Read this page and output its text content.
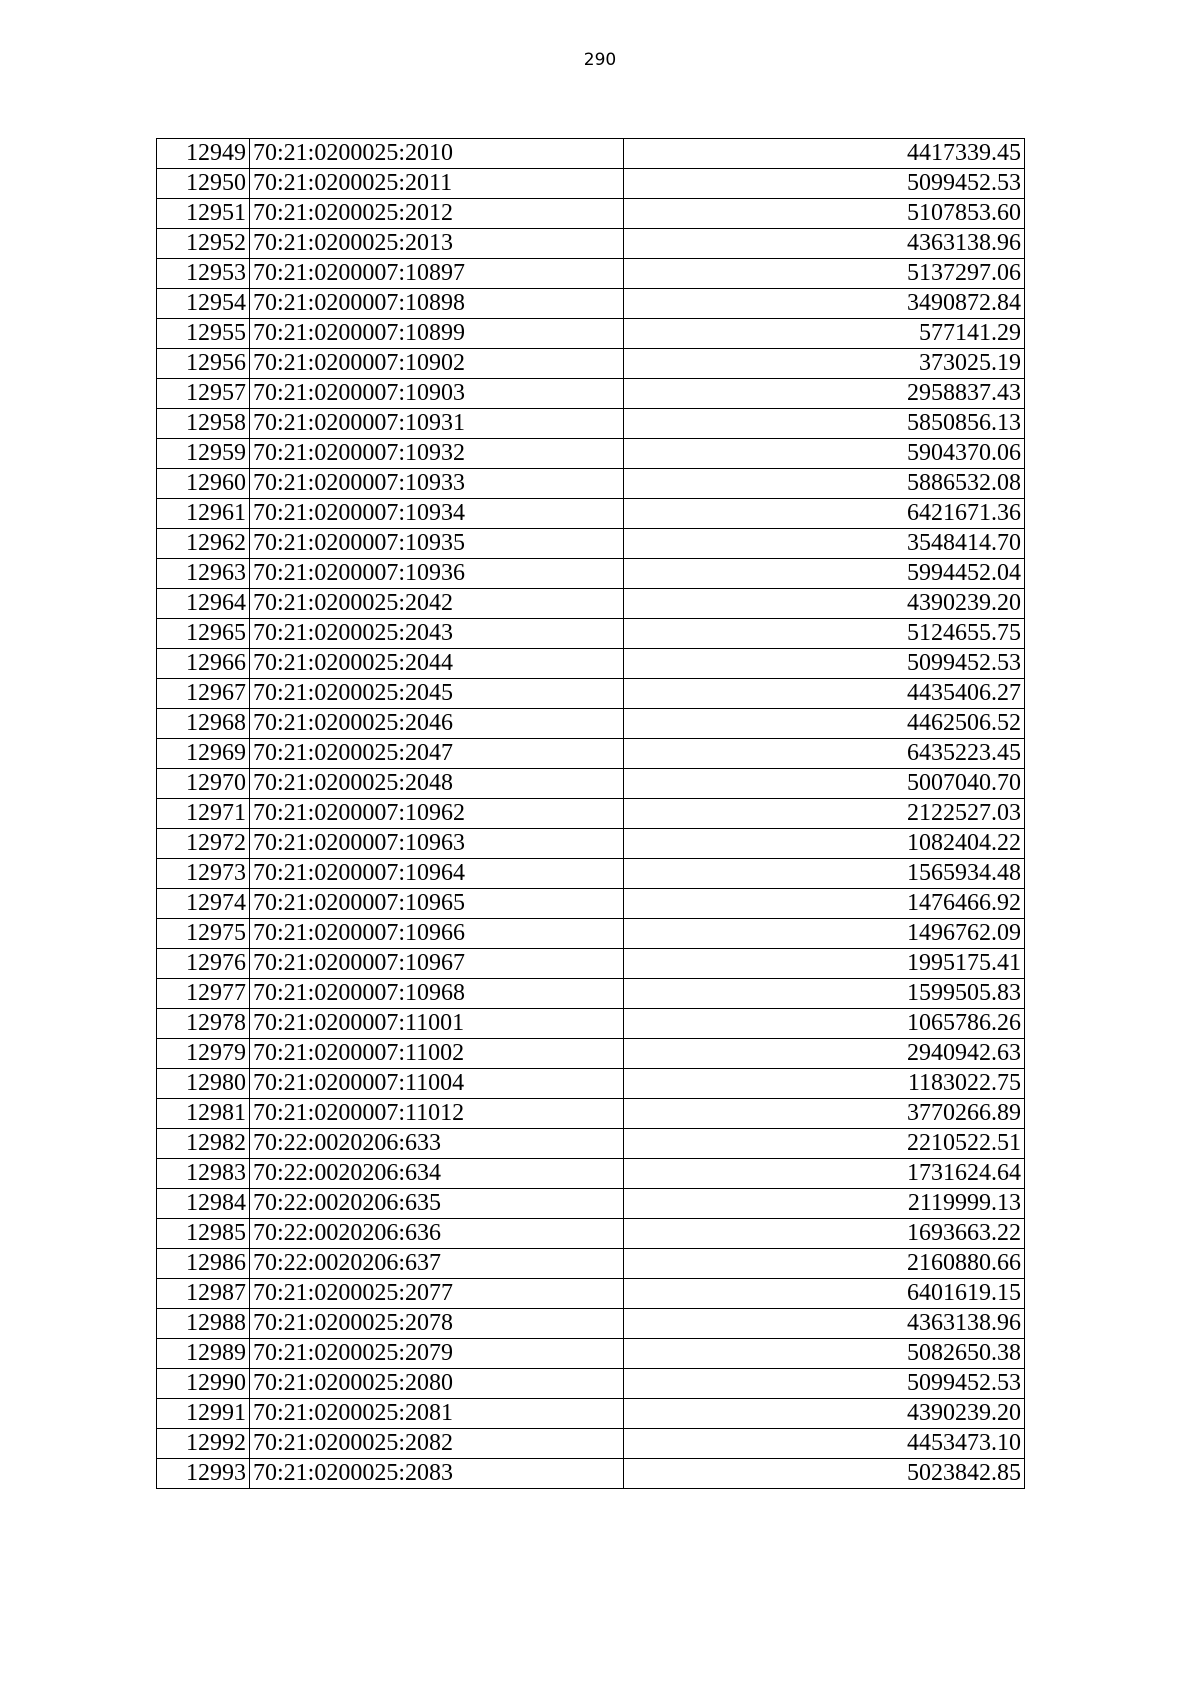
290
12949	70:21:0200025:2010	4417339.45
12950	70:21:0200025:2011	5099452.53
12951	70:21:0200025:2012	5107853.60
12952	70:21:0200025:2013	4363138.96
12953	70:21:0200007:10897	5137297.06
12954	70:21:0200007:10898	3490872.84
12955	70:21:0200007:10899	577141.29
12956	70:21:0200007:10902	373025.19
12957	70:21:0200007:10903	2958837.43
12958	70:21:0200007:10931	5850856.13
12959	70:21:0200007:10932	5904370.06
12960	70:21:0200007:10933	5886532.08
12961	70:21:0200007:10934	6421671.36
12962	70:21:0200007:10935	3548414.70
12963	70:21:0200007:10936	5994452.04
12964	70:21:0200025:2042	4390239.20
12965	70:21:0200025:2043	5124655.75
12966	70:21:0200025:2044	5099452.53
12967	70:21:0200025:2045	4435406.27
12968	70:21:0200025:2046	4462506.52
12969	70:21:0200025:2047	6435223.45
12970	70:21:0200025:2048	5007040.70
12971	70:21:0200007:10962	2122527.03
12972	70:21:0200007:10963	1082404.22
12973	70:21:0200007:10964	1565934.48
12974	70:21:0200007:10965	1476466.92
12975	70:21:0200007:10966	1496762.09
12976	70:21:0200007:10967	1995175.41
12977	70:21:0200007:10968	1599505.83
12978	70:21:0200007:11001	1065786.26
12979	70:21:0200007:11002	2940942.63
12980	70:21:0200007:11004	1183022.75
12981	70:21:0200007:11012	3770266.89
12982	70:22:0020206:633	2210522.51
12983	70:22:0020206:634	1731624.64
12984	70:22:0020206:635	2119999.13
12985	70:22:0020206:636	1693663.22
12986	70:22:0020206:637	2160880.66
12987	70:21:0200025:2077	6401619.15
12988	70:21:0200025:2078	4363138.96
12989	70:21:0200025:2079	5082650.38
12990	70:21:0200025:2080	5099452.53
12991	70:21:0200025:2081	4390239.20
12992	70:21:0200025:2082	4453473.10
12993	70:21:0200025:2083	5023842.85
